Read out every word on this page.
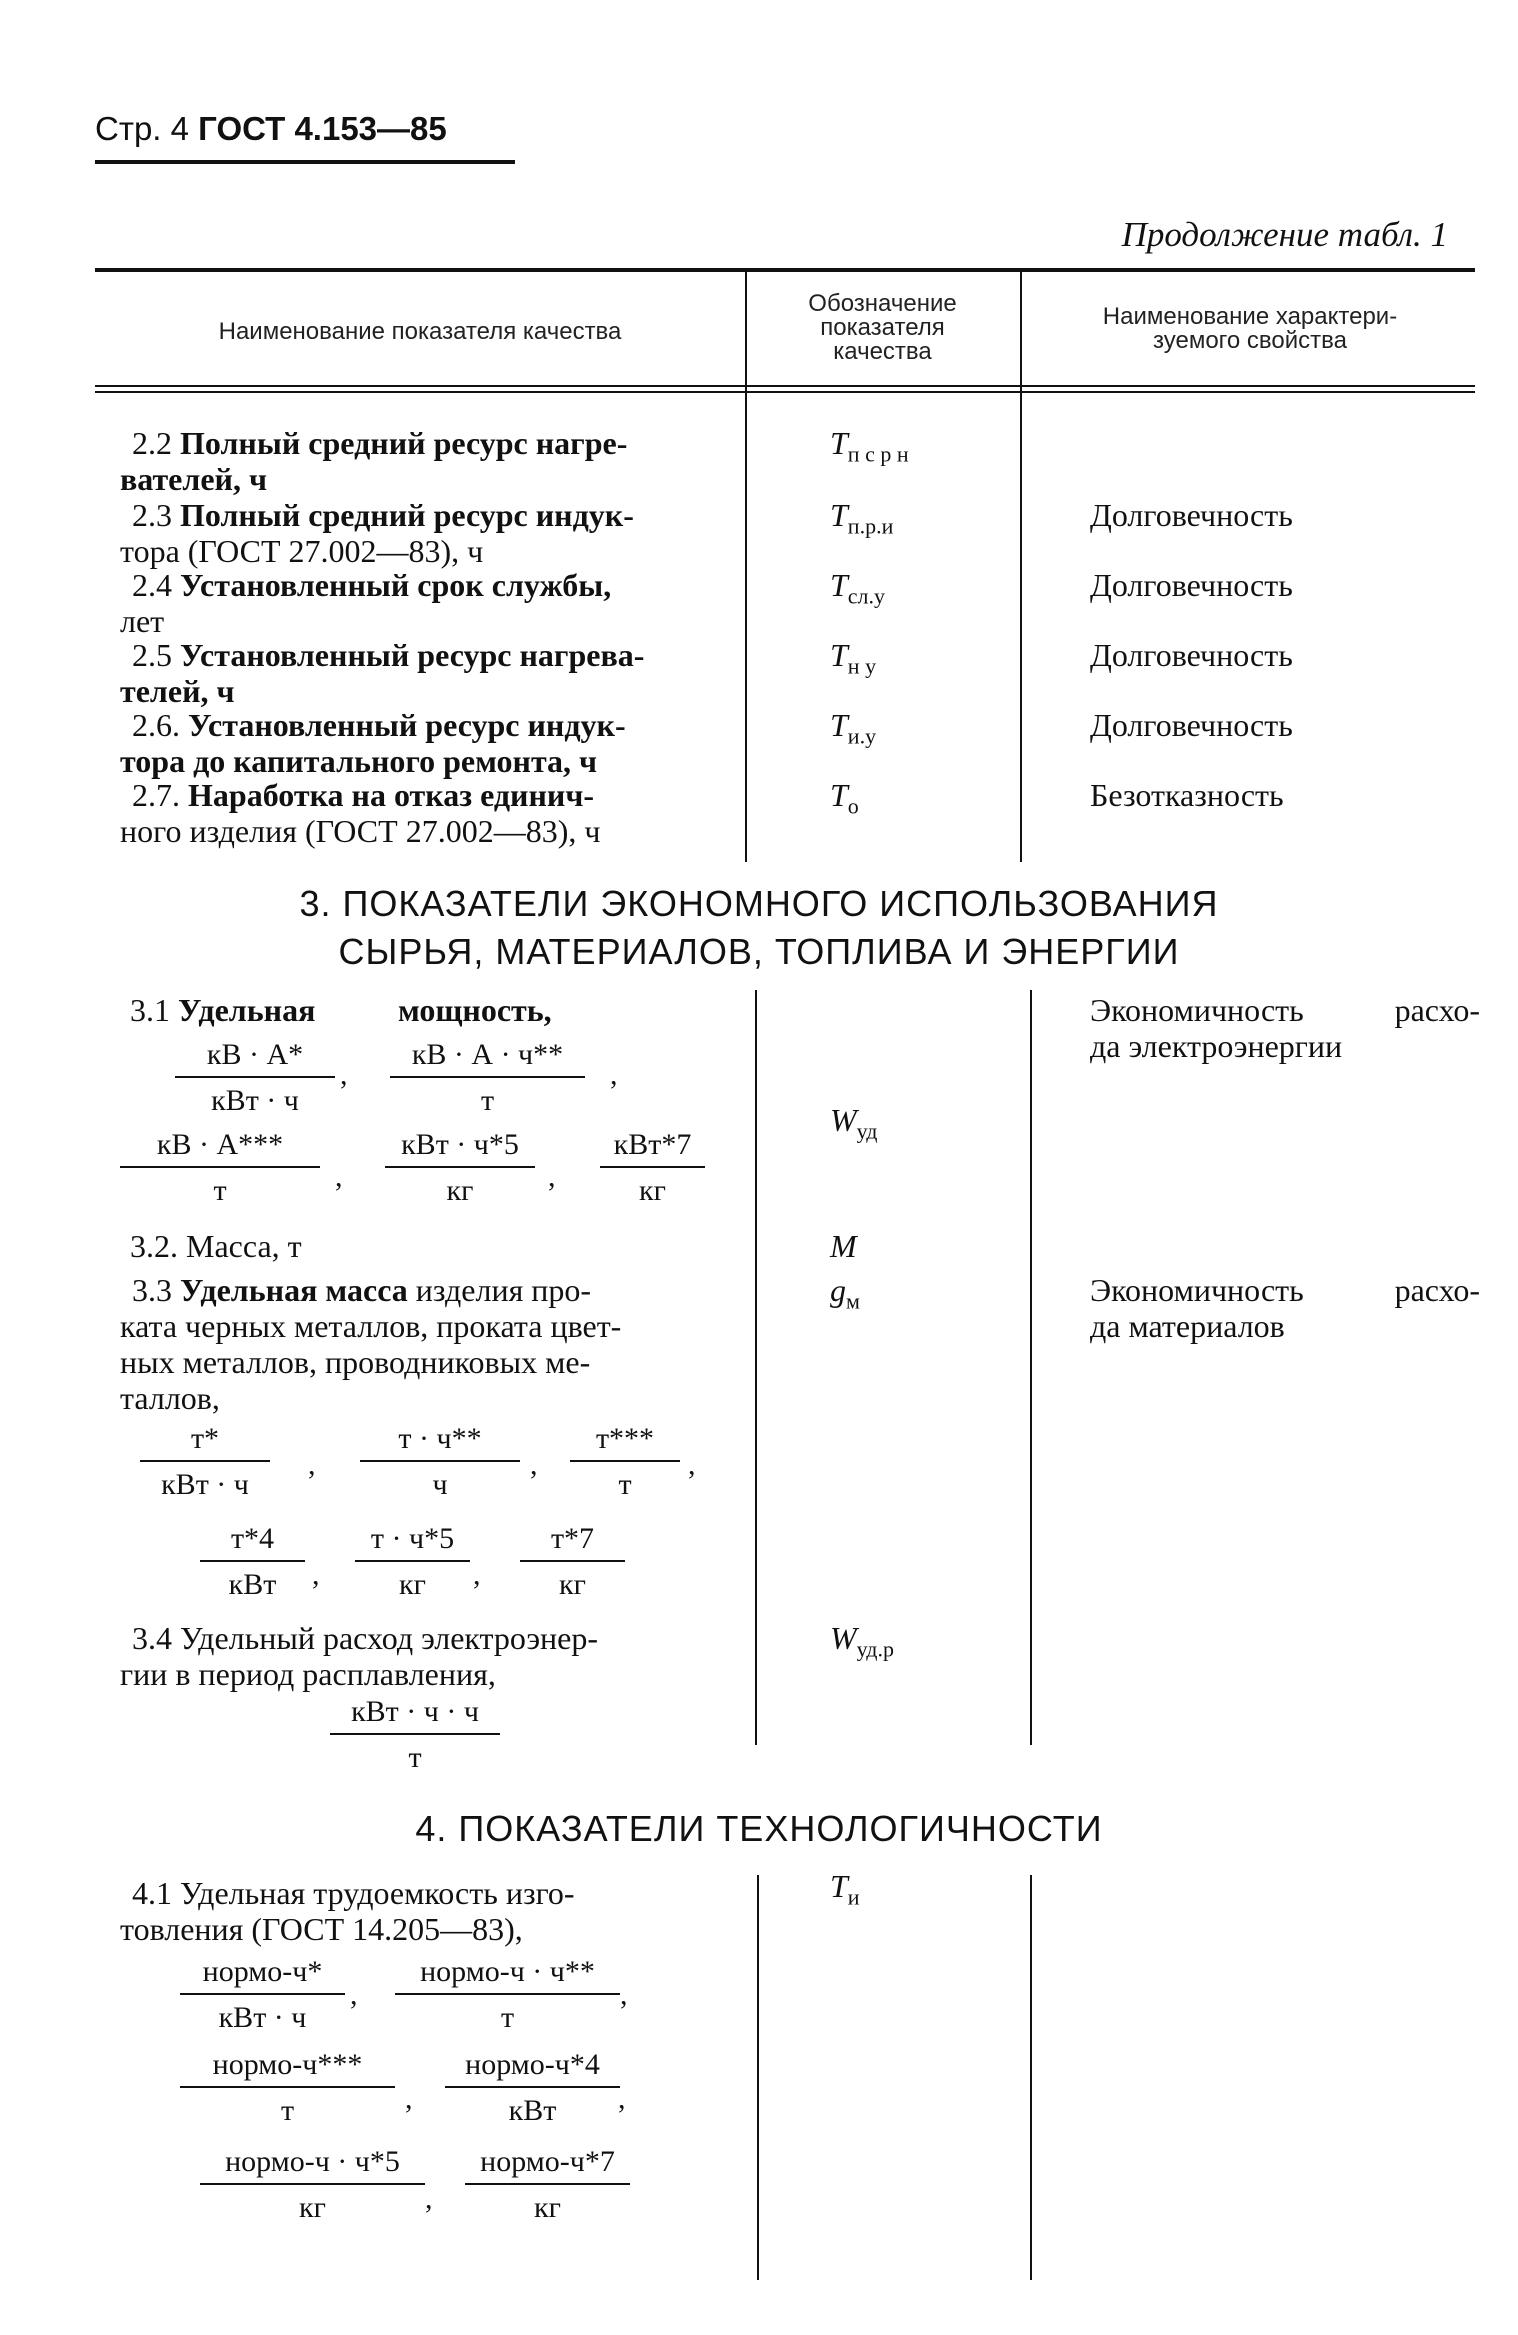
Стр. 4 ГОСТ 4.153—85
Продолжение табл. 1
Наименование показателя качества
Обозначение
показателя
качества
Наименование характери-
зуемого свойства
2.2 Полный средний ресурс нагре-
вателей, ч
$T_{п с р н}$
2.3 Полный средний ресурс индук-
тора (ГОСТ 27.002—83), ч
$T_{п.р.и}$	Долговечность
2.4 Установленный срок службы,
лет
$T_{сл.у}$	Долговечность
2.5 Установленный ресурс нагрева-
телей, ч
$T_{н у}$	Долговечность
2.6. Установленный ресурс индук-
тора до капитального ремонта, ч
$T_{и.у}$	Долговечность
2.7. Наработка на отказ единич-
ного изделия (ГОСТ 27.002—83), ч
$T_о$	Безотказность
3. ПОКАЗАТЕЛИ ЭКОНОМНОГО ИСПОЛЬЗОВАНИЯ
СЫРЬЯ, МАТЕРИАЛОВ, ТОПЛИВА И ЭНЕРГИИ
3.1 Удельная	мощность,
$W_{уд}$
Экономичность расхо-
да электроэнергии
кВ · А*
кВт · ч
,
кВ · А · ч**
т
,
кВ · А***
т	,
кВт · ч*5
кг	,
кВт*7
кг
3.2. Масса, т	M
3.3 Удельная масса изделия про-
ката черных металлов, проката цвет-
ных металлов, проводниковых ме-
таллов,
$g_м$	Экономичность расхо-
да материалов
т*
кВт · ч
,
т · ч**
ч
,
т***
т
,
т*4
кВт	,
т · ч*5
кг	,
т*7
кг
3.4 Удельный расход электроэнер-
гии в период расплавления,
$W_{уд.р}$
кВт · ч · ч
т
4. ПОКАЗАТЕЛИ ТЕХНОЛОГИЧНОСТИ
4.1 Удельная трудоемкость изго-
товления (ГОСТ 14.205—83),
$T_и$
нормо-ч*
кВт · ч
,
нормо-ч · ч**
т
,
нормо-ч***
т	,
нормо-ч*4
кВт	,
нормо-ч · ч*5
кг	,
нормо-ч*7
кг
